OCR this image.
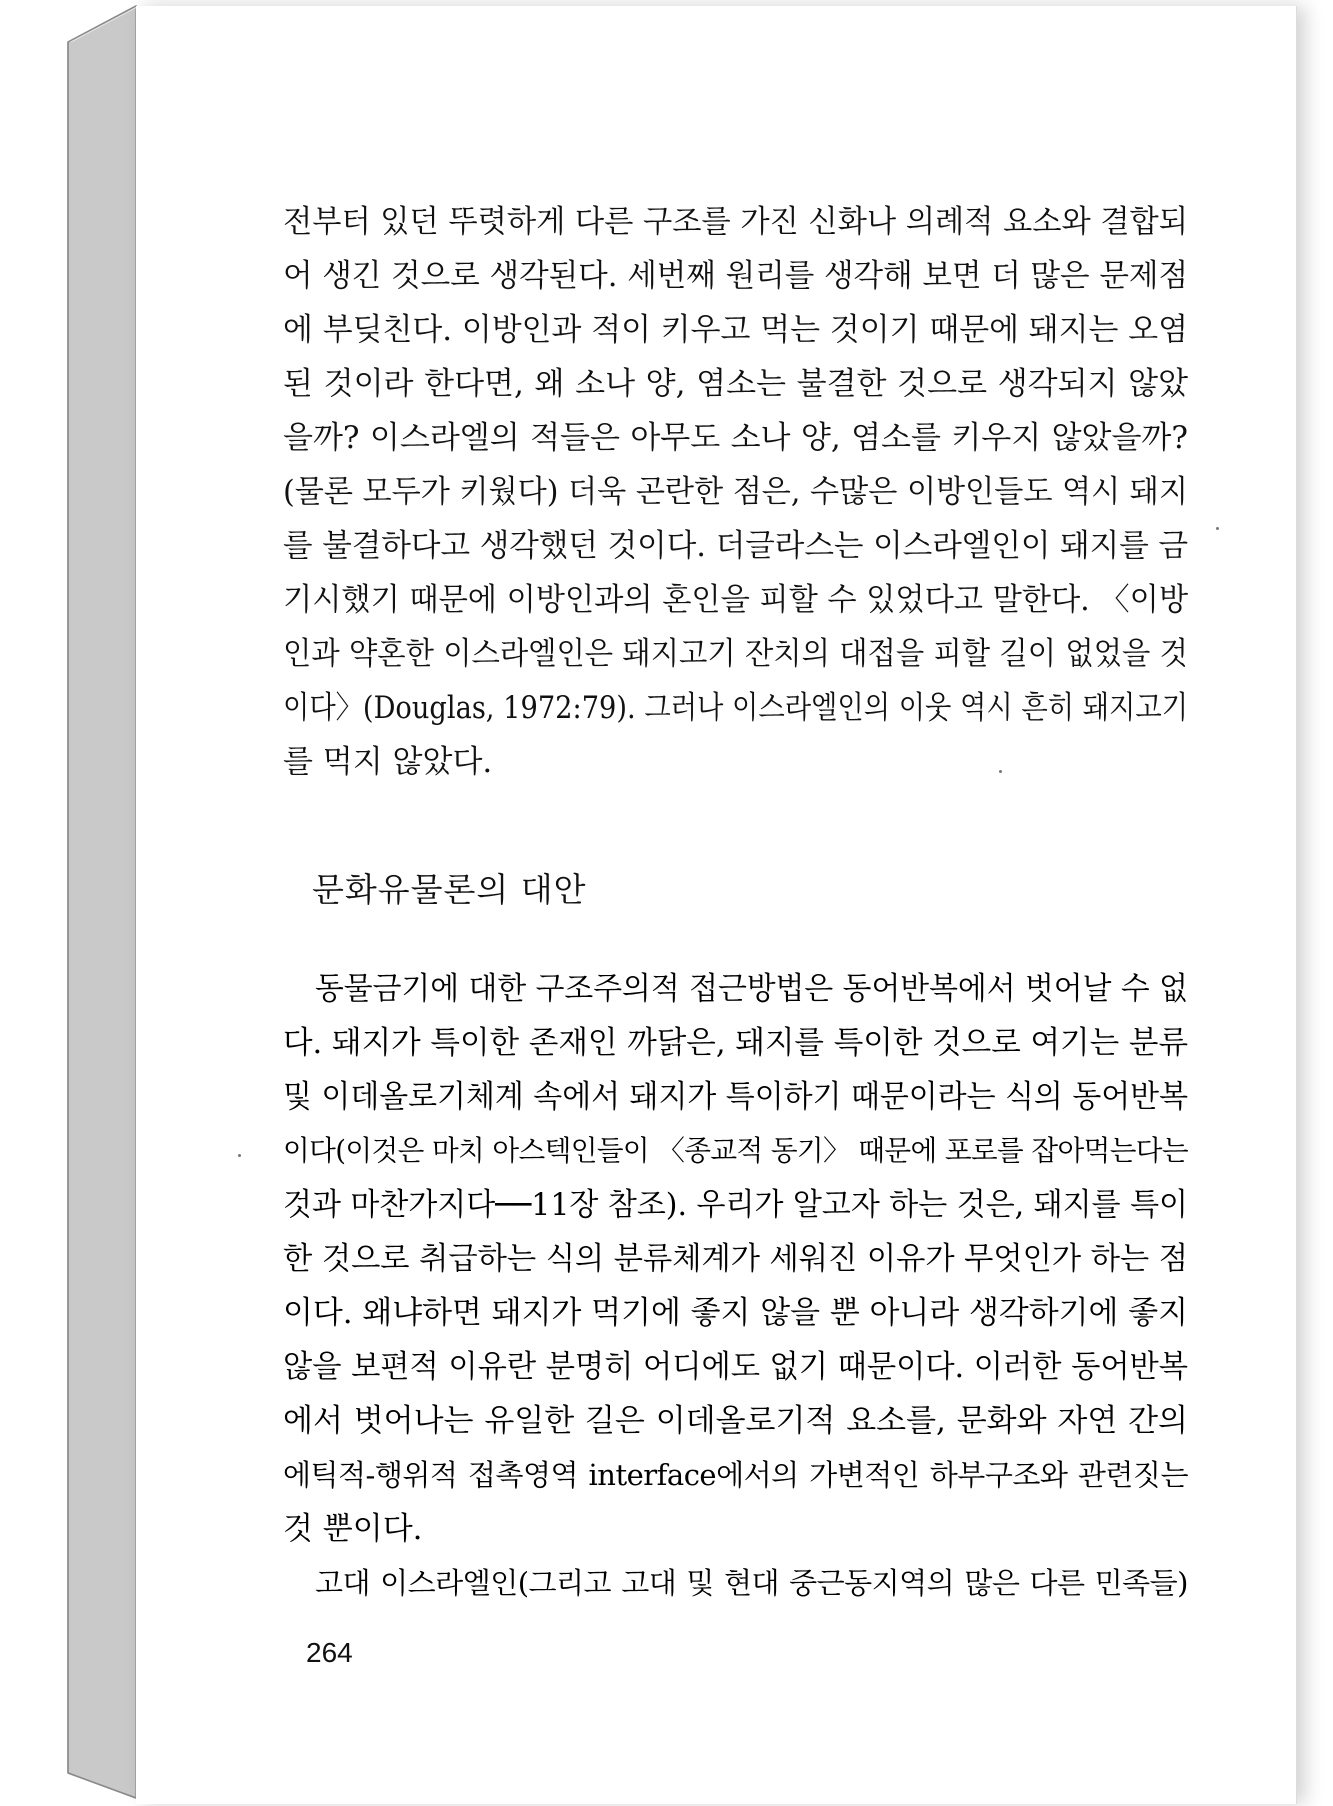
전부터 있던 뚜렷하게 다른 구조를 가진 신화나 의례적 요소와 결합되
어 생긴 것으로 생각된다. 세번째 원리를 생각해 보면 더 많은 문제점
에 부딪친다. 이방인과 적이 키우고 먹는 것이기 때문에 돼지는 오염
된 것이라 한다면, 왜 소나 양, 염소는 불결한 것으로 생각되지 않았
을까? 이스라엘의 적들은 아무도 소나 양, 염소를 키우지 않았을까?
(물론 모두가 키웠다) 더욱 곤란한 점은, 수많은 이방인들도 역시 돼지
를 불결하다고 생각했던 것이다. 더글라스는 이스라엘인이 돼지를 금
기시했기 때문에 이방인과의 혼인을 피할 수 있었다고 말한다. 〈이방
인과 약혼한 이스라엘인은 돼지고기 잔치의 대접을 피할 길이 없었을 것
이다〉(Douglas, 1972:79). 그러나 이스라엘인의 이웃 역시 흔히 돼지고기
를 먹지 않았다.
문화유물론의 대안
동물금기에 대한 구조주의적 접근방법은 동어반복에서 벗어날 수 없
다. 돼지가 특이한 존재인 까닭은, 돼지를 특이한 것으로 여기는 분류
및 이데올로기체계 속에서 돼지가 특이하기 때문이라는 식의 동어반복
이다(이것은 마치 아스텍인들이 〈종교적 동기〉 때문에 포로를 잡아먹는다는
것과 마찬가지다──11장 참조). 우리가 알고자 하는 것은, 돼지를 특이
한 것으로 취급하는 식의 분류체계가 세워진 이유가 무엇인가 하는 점
이다. 왜냐하면 돼지가 먹기에 좋지 않을 뿐 아니라 생각하기에 좋지
않을 보편적 이유란 분명히 어디에도 없기 때문이다. 이러한 동어반복
에서 벗어나는 유일한 길은 이데올로기적 요소를, 문화와 자연 간의
에틱적-행위적 접촉영역 interface에서의 가변적인 하부구조와 관련짓는
것 뿐이다.
고대 이스라엘인(그리고 고대 및 현대 중근동지역의 많은 다른 민족들)
264
